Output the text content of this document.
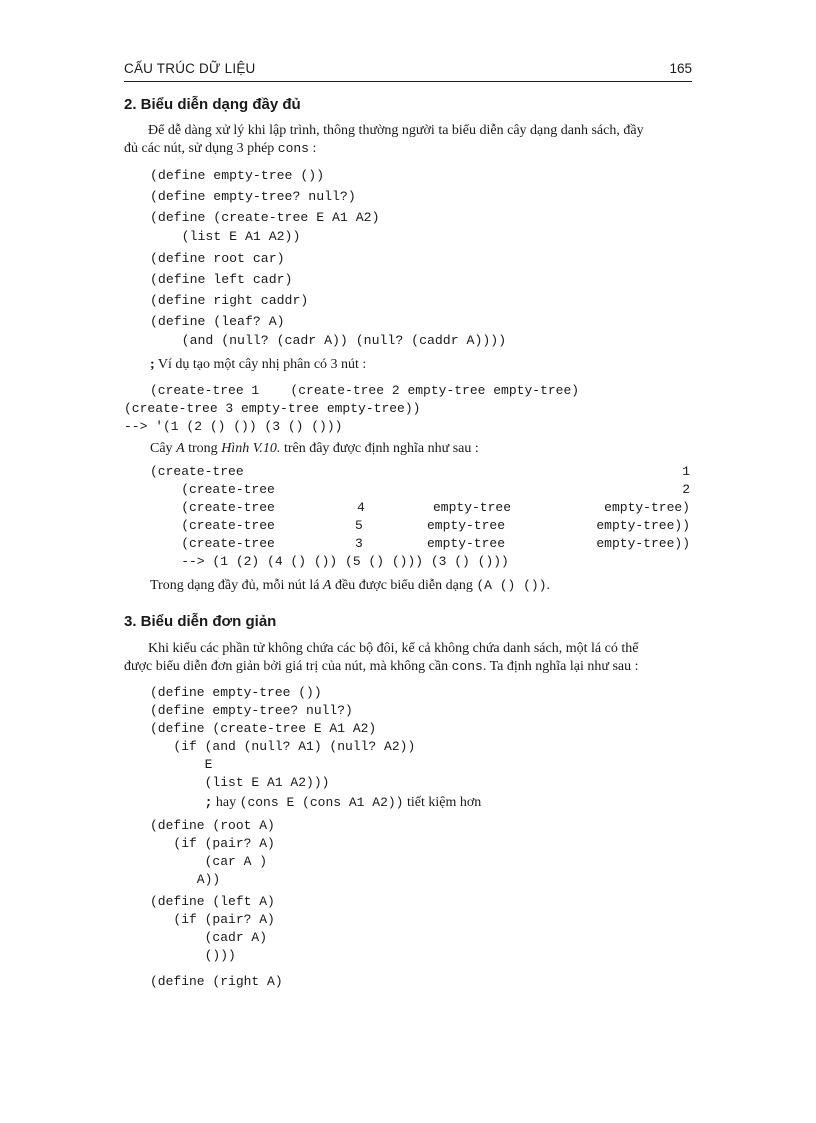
CẤU TRÚC DỮ LIỆU	165
2. Biểu diễn dạng đầy đủ
Để dễ dàng xử lý khi lập trình, thông thường người ta biểu diễn cây dạng danh sách, đầy
đủ các nút, sử dụng 3 phép cons :
(define empty-tree ())
(define empty-tree? null?)
(define (create-tree E A1 A2)
(list E A1 A2))
(define root car)
(define left cadr)
(define right caddr)
(define (leaf? A)
(and (null? (cadr A)) (null? (caddr A))))
; Ví dụ tạo một cây nhị phân có 3 nút :
(create-tree 1    (create-tree 2 empty-tree empty-tree)
(create-tree 3 empty-tree empty-tree))
--> '(1 (2 () ()) (3 () ()))
Cây A trong Hình V.10. trên đây được định nghĩa như sau :
(create-tree	1
(create-tree	2
(create-tree	4	empty-tree	empty-tree)
(create-tree	5	empty-tree	empty-tree))
(create-tree	3	empty-tree	empty-tree))
--> (1 (2) (4 () ()) (5 () ())) (3 () ()))
Trong dạng đầy đủ, mỗi nút lá A đều được biểu diễn dạng (A () ()).
3. Biểu diễn đơn giản
Khi kiểu các phần tử không chứa các bộ đôi, kể cả không chứa danh sách, một lá có thể
được biểu diễn đơn giản bởi giá trị của nút, mà không cần cons. Ta định nghĩa lại như sau :
(define empty-tree ())
(define empty-tree? null?)
(define (create-tree E A1 A2)
(if (and (null? A1) (null? A2))
E
(list E A1 A2)))
; hay (cons E (cons A1 A2)) tiết kiệm hơn
(define (root A)
(if (pair? A)
(car A )
A))
(define (left A)
(if (pair? A)
(cadr A)
()))
(define (right A)
